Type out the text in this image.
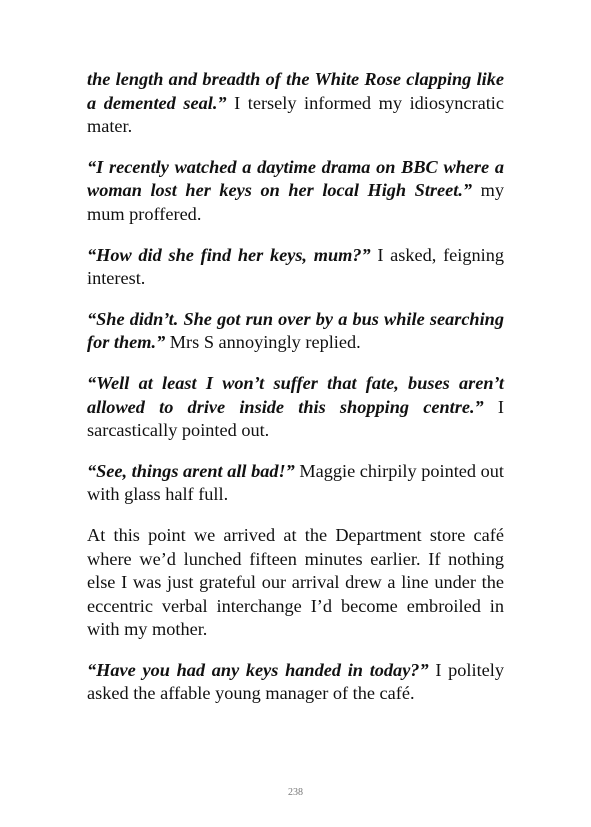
the length and breadth of the White Rose clapping like a demented seal.” I tersely informed my idiosyncratic mater.

“I recently watched a daytime drama on BBC where a woman lost her keys on her local High Street.” my mum proffered.

“How did she find her keys, mum?” I asked, feigning interest.

“She didn’t. She got run over by a bus while searching for them.” Mrs S annoyingly replied.

“Well at least I won’t suffer that fate, buses aren’t allowed to drive inside this shopping centre.” I sarcastically pointed out.

“See, things arent all bad!” Maggie chirpily pointed out with glass half full.

At this point we arrived at the Department store café where we’d lunched fifteen minutes earlier. If nothing else I was just grateful our arrival drew a line under the eccentric verbal interchange I’d become embroiled in with my mother.

“Have you had any keys handed in today?” I politely asked the affable young manager of the café.

238
